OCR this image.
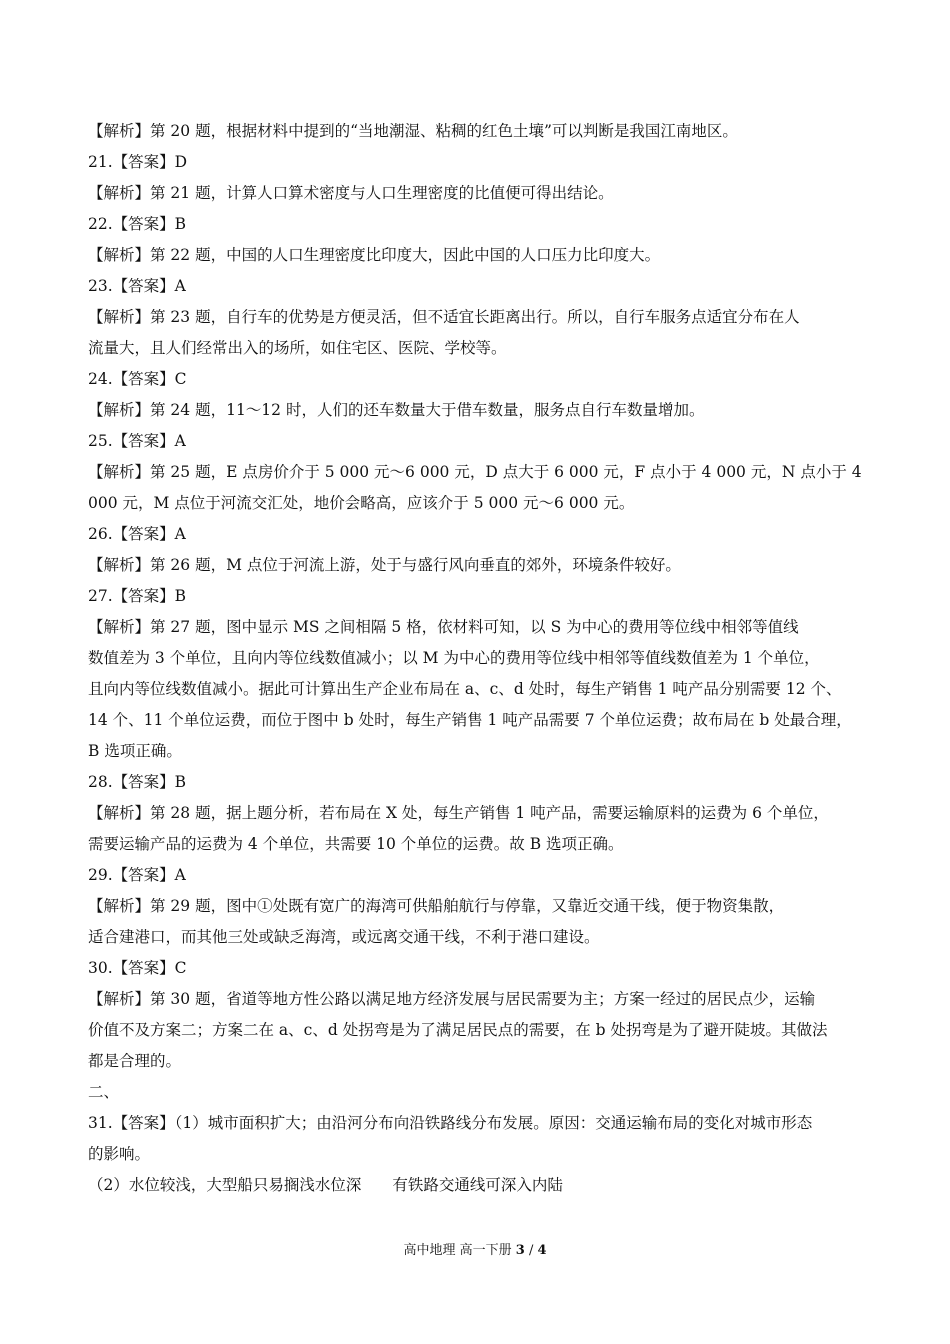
【解析】第 20 题，根据材料中提到的“当地潮湿、粘稠的红色土壤”可以判断是我国江南地区。
21.【答案】D
【解析】第 21 题，计算人口算术密度与人口生理密度的比值便可得出结论。
22.【答案】B
【解析】第 22 题，中国的人口生理密度比印度大，因此中国的人口压力比印度大。
23.【答案】A
【解析】第 23 题，自行车的优势是方便灵活，但不适宜长距离出行。所以，自行车服务点适宜分布在人
流量大，且人们经常出入的场所，如住宅区、医院、学校等。
24.【答案】C
【解析】第 24 题，11～12 时，人们的还车数量大于借车数量，服务点自行车数量增加。
25.【答案】A
【解析】第 25 题，E 点房价介于 5 000 元～6 000 元，D 点大于 6 000 元，F 点小于 4 000 元，N 点小于 4
000 元，M 点位于河流交汇处，地价会略高，应该介于 5 000 元～6 000 元。
26.【答案】A
【解析】第 26 题，M 点位于河流上游，处于与盛行风向垂直的郊外，环境条件较好。
27.【答案】B
【解析】第 27 题，图中显示 MS 之间相隔 5 格，依材料可知，以 S 为中心的费用等位线中相邻等值线
数值差为 3 个单位，且向内等位线数值减小；以 M 为中心的费用等位线中相邻等值线数值差为 1 个单位，
且向内等位线数值减小。据此可计算出生产企业布局在 a、c、d 处时，每生产销售 1 吨产品分别需要 12 个、
14 个、11 个单位运费，而位于图中 b 处时，每生产销售 1 吨产品需要 7 个单位运费；故布局在 b 处最合理，
B 选项正确。
28.【答案】B
【解析】第 28 题，据上题分析，若布局在 X 处，每生产销售 1 吨产品，需要运输原料的运费为 6 个单位，
需要运输产品的运费为 4 个单位，共需要 10 个单位的运费。故 B 选项正确。
29.【答案】A
【解析】第 29 题，图中①处既有宽广的海湾可供船舶航行与停靠，又靠近交通干线，便于物资集散，
适合建港口，而其他三处或缺乏海湾，或远离交通干线，不利于港口建设。
30.【答案】C
【解析】第 30 题，省道等地方性公路以满足地方经济发展与居民需要为主；方案一经过的居民点少，运输
价值不及方案二；方案二在 a、c、d 处拐弯是为了满足居民点的需要，在 b 处拐弯是为了避开陡坡。其做法
都是合理的。
二、
31.【答案】（1）城市面积扩大；由沿河分布向沿铁路线分布发展。原因：交通运输布局的变化对城市形态
的影响。
（2）水位较浅，大型船只易搁浅水位深　　有铁路交通线可深入内陆
高中地理 高一下册 3 / 4
